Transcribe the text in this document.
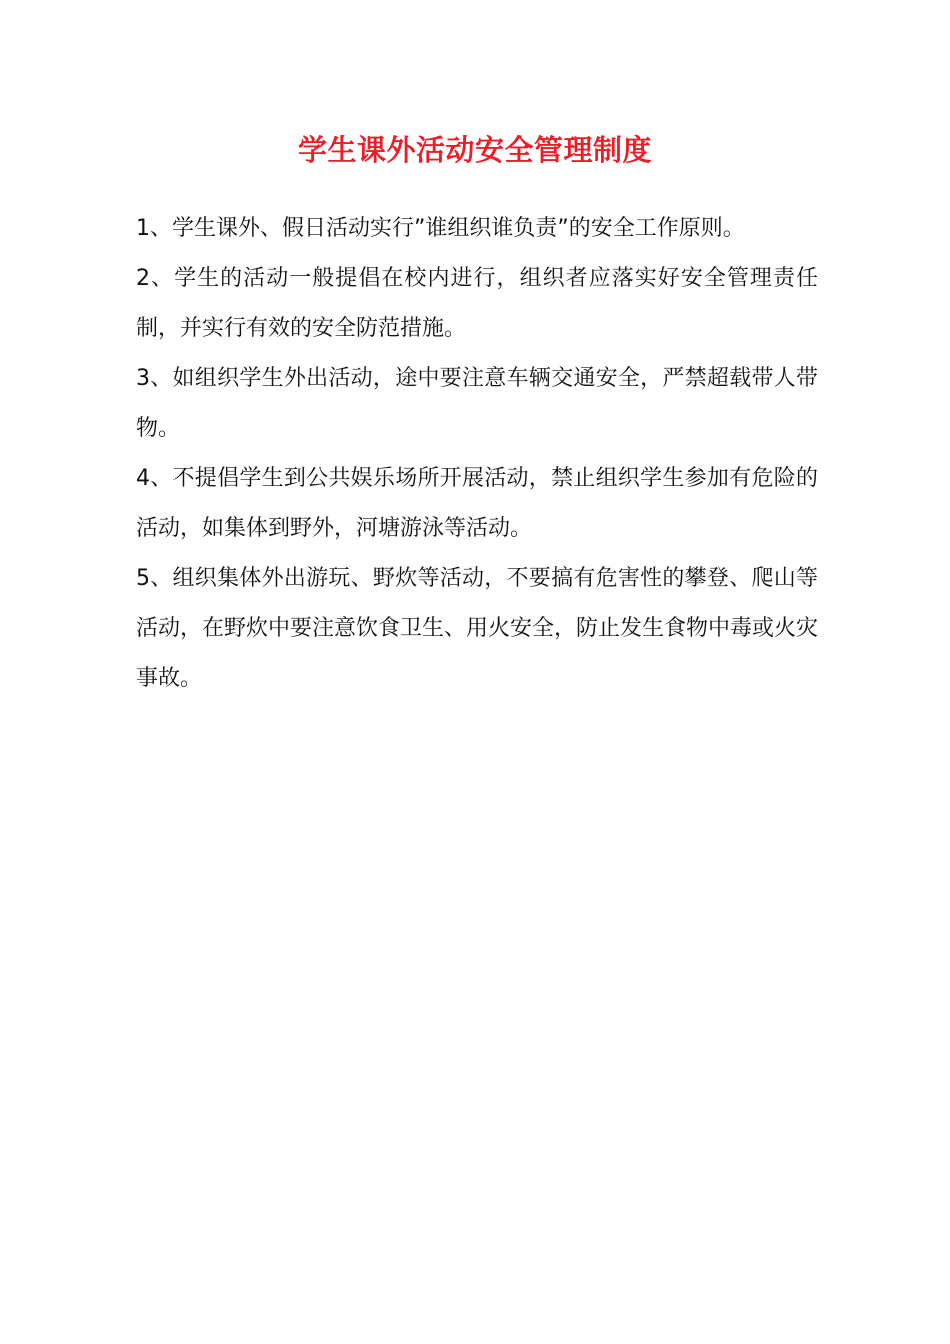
学生课外活动安全管理制度

1、学生课外、假日活动实行”谁组织谁负责”的安全工作原则。

2、学生的活动一般提倡在校内进行，组织者应落实好安全管理责任制，并实行有效的安全防范措施。

3、如组织学生外出活动，途中要注意车辆交通安全，严禁超载带人带物。

4、不提倡学生到公共娱乐场所开展活动，禁止组织学生参加有危险的活动，如集体到野外，河塘游泳等活动。

5、组织集体外出游玩、野炊等活动，不要搞有危害性的攀登、爬山等活动，在野炊中要注意饮食卫生、用火安全，防止发生食物中毒或火灾事故。
